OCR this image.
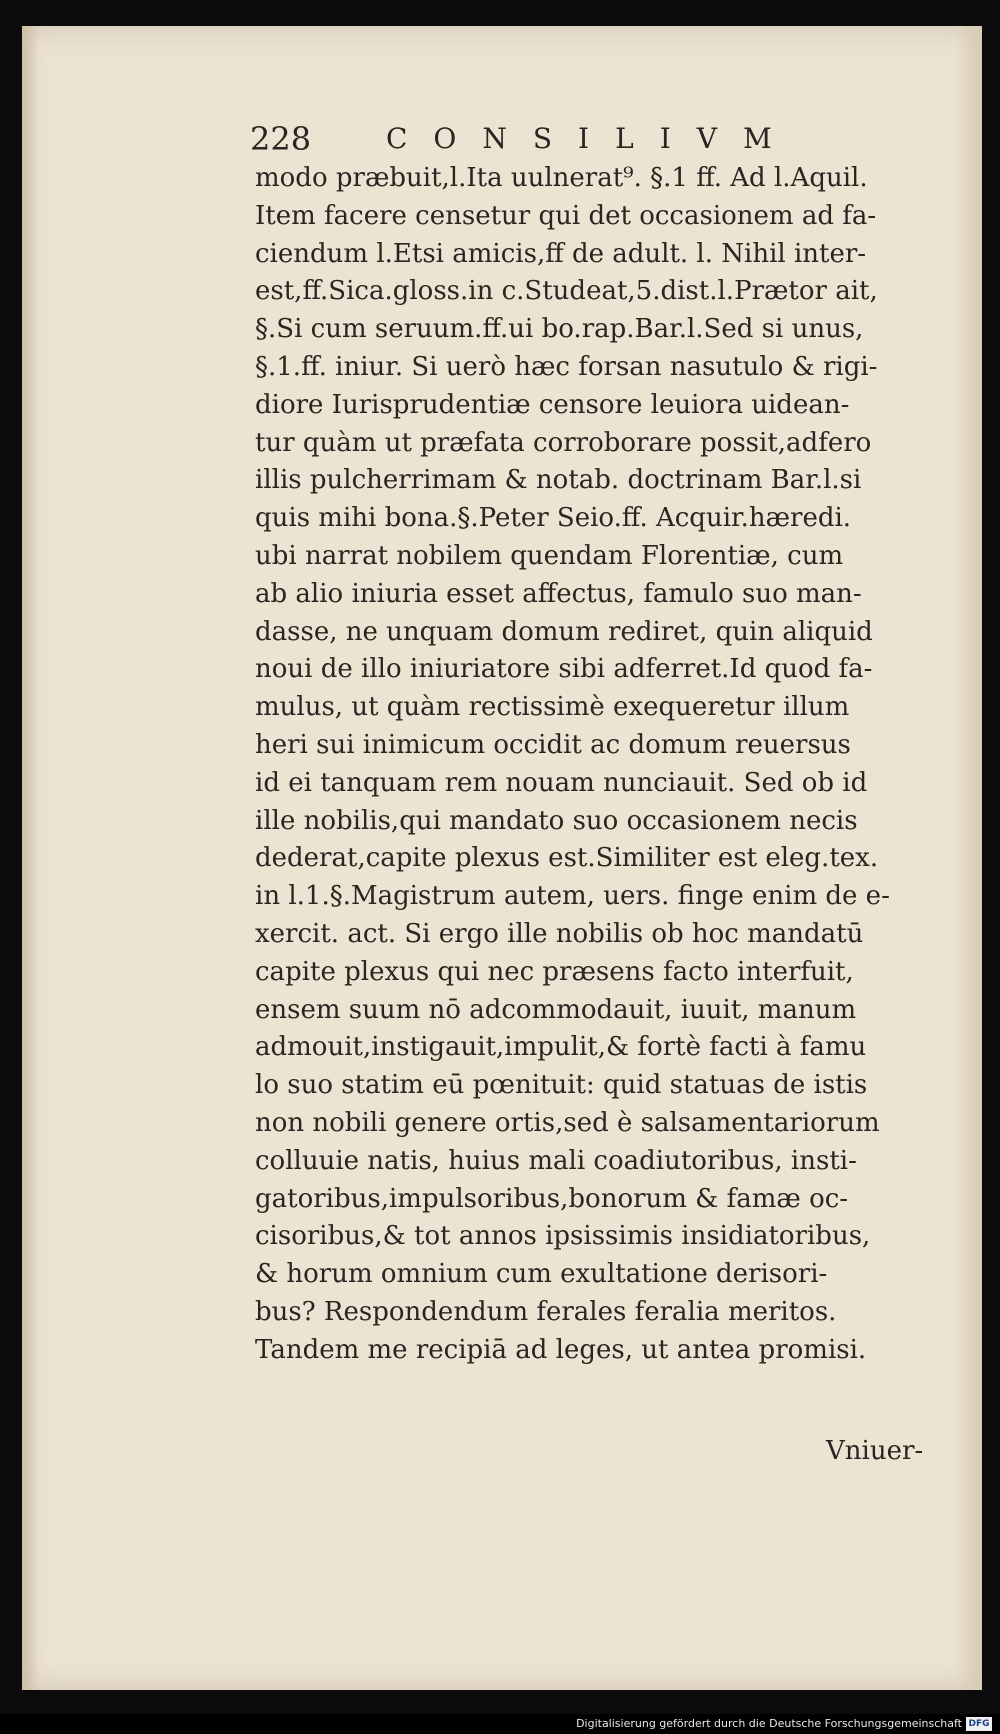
228	CONSILIVM
modo præbuit,l.Ita uulnerat⁹. §.1 ff. Ad l.Aquil.
Item facere censetur qui det occasionem ad fa-
ciendum l.Etsi amicis,ff de adult. l. Nihil inter-
est,ff.Sica.gloss.in c.Studeat,5.dist.l.Prætor ait,
§.Si cum seruum.ff.ui bo.rap.Bar.l.Sed si unus,
§.1.ff. iniur. Si uerò hæc forsan nasutulo & rigi-
diore Iurisprudentiæ censore leuiora uidean-
tur quàm ut præfata corroborare possit,adfero
illis pulcherrimam & notab. doctrinam Bar.l.si
quis mihi bona.§.Peter Seio.ff. Acquir.hæredi.
ubi narrat nobilem quendam Florentiæ, cum
ab alio iniuria esset affectus, famulo suo man-
dasse, ne unquam domum rediret, quin aliquid
noui de illo iniuriatore sibi adferret.Id quod fa-
mulus, ut quàm rectissimè exequeretur illum
heri sui inimicum occidit ac domum reuersus
id ei tanquam rem nouam nunciauit. Sed ob id
ille nobilis,qui mandato suo occasionem necis
dederat,capite plexus est.Similiter est eleg.tex.
in l.1.§.Magistrum autem, uers. finge enim de e-
xercit. act. Si ergo ille nobilis ob hoc mandatū
capite plexus qui nec præsens facto interfuit,
ensem suum nō adcommodauit, iuuit, manum
admouit,instigauit,impulit,& fortè facti à famu
lo suo statim eū pœnituit: quid statuas de istis
non nobili genere ortis,sed è salsamentariorum
colluuie natis, huius mali coadiutoribus, insti-
gatoribus,impulsoribus,bonorum & famæ oc-
cisoribus,& tot annos ipsissimis insidiatoribus,
& horum omnium cum exultatione derisori-
bus? Respondendum ferales feralia meritos.
Tandem me recipiā ad leges, ut antea promisi.
Vniuer-
Digitalisierung gefördert durch die Deutsche Forschungsgemeinschaft DFG
